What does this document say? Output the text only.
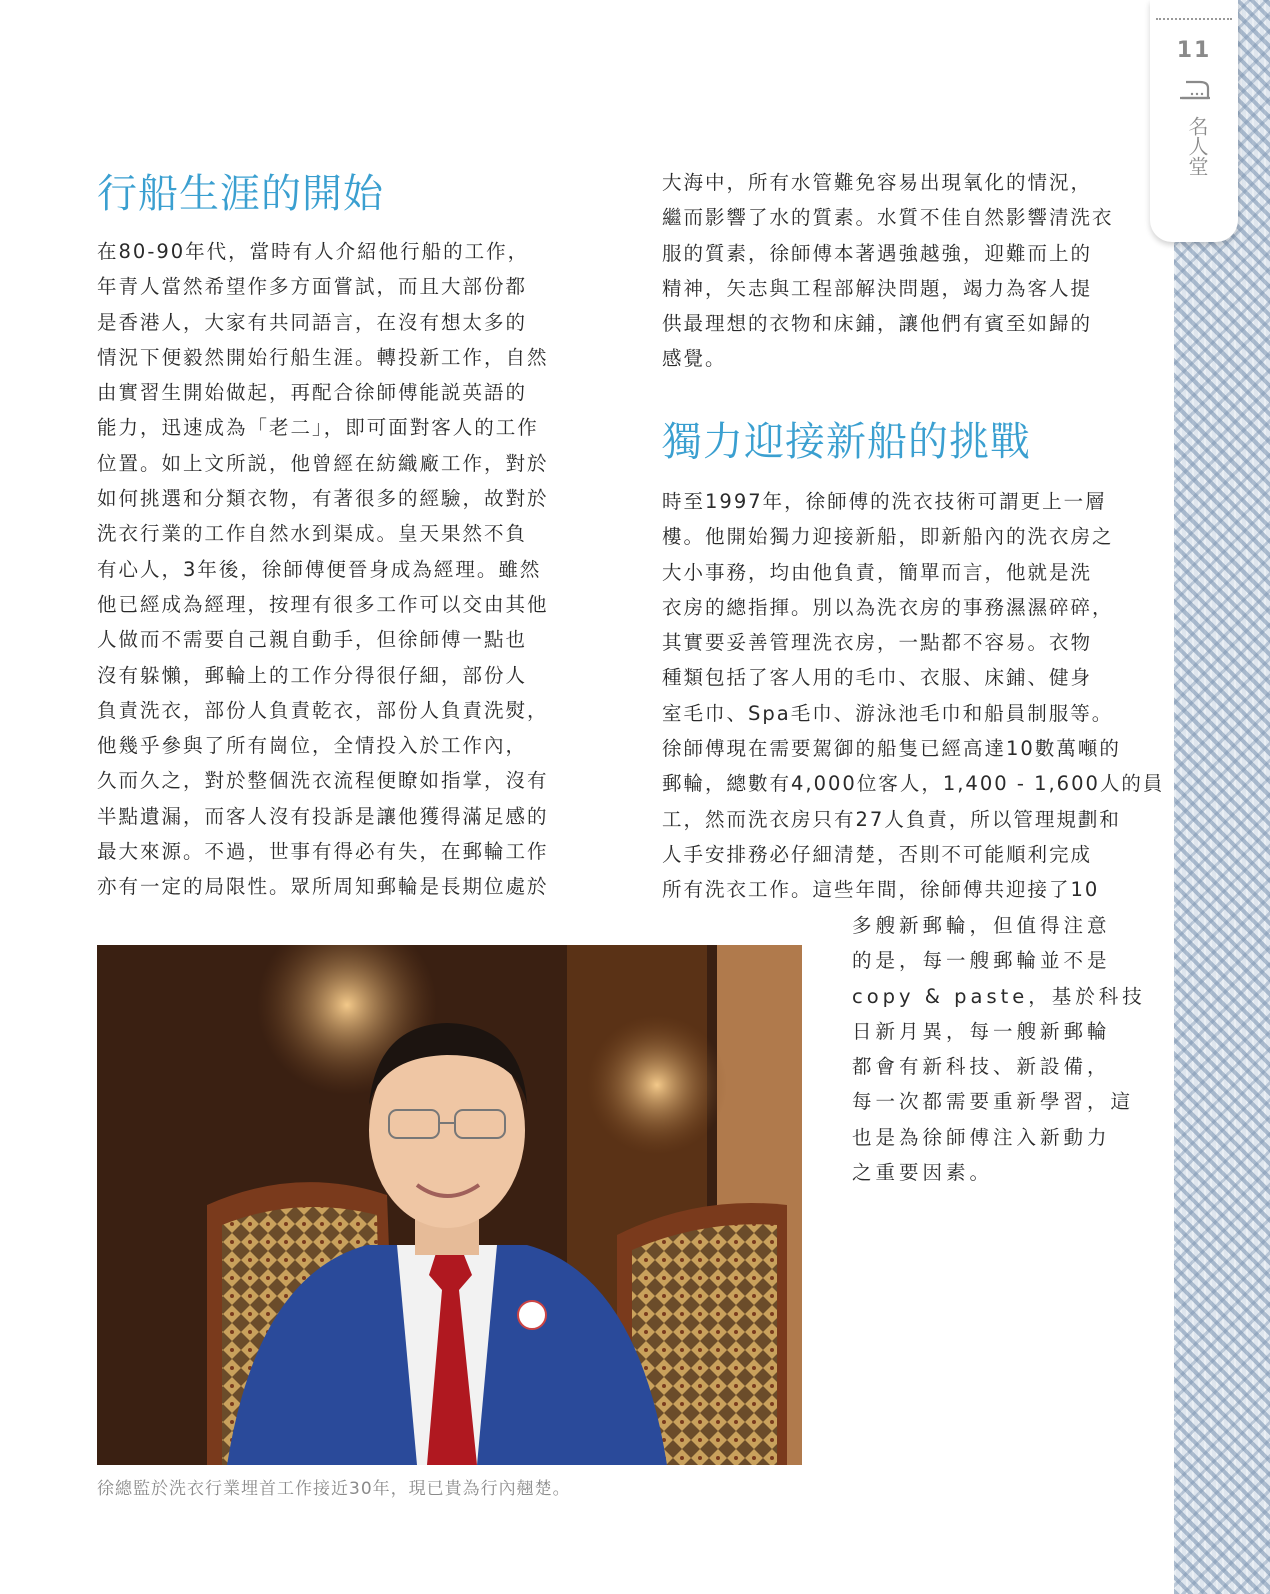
11
名人堂
行船生涯的開始
在80-90年代，當時有人介紹他行船的工作，
年青人當然希望作多方面嘗試，而且大部份都
是香港人，大家有共同語言，在沒有想太多的
情況下便毅然開始行船生涯。轉投新工作，自然
由實習生開始做起，再配合徐師傅能説英語的
能力，迅速成為「老二」，即可面對客人的工作
位置。如上文所説，他曾經在紡織廠工作，對於
如何挑選和分類衣物，有著很多的經驗，故對於
洗衣行業的工作自然水到渠成。皇天果然不負
有心人，3年後，徐師傅便晉身成為經理。雖然
他已經成為經理，按理有很多工作可以交由其他
人做而不需要自己親自動手，但徐師傅一點也
沒有躲懶，郵輪上的工作分得很仔細，部份人
負責洗衣，部份人負責乾衣，部份人負責洗熨，
他幾乎參與了所有崗位，全情投入於工作內，
久而久之，對於整個洗衣流程便瞭如指掌，沒有
半點遺漏，而客人沒有投訴是讓他獲得滿足感的
最大來源。不過，世事有得必有失，在郵輪工作
亦有一定的局限性。眾所周知郵輪是長期位處於
大海中，所有水管難免容易出現氧化的情況，
繼而影響了水的質素。水質不佳自然影響清洗衣
服的質素，徐師傅本著遇強越強，迎難而上的
精神，矢志與工程部解決問題，竭力為客人提
供最理想的衣物和床鋪，讓他們有賓至如歸的
感覺。
獨力迎接新船的挑戰
時至1997年，徐師傅的洗衣技術可謂更上一層
樓。他開始獨力迎接新船，即新船內的洗衣房之
大小事務，均由他負責，簡單而言，他就是洗
衣房的總指揮。別以為洗衣房的事務濕濕碎碎，
其實要妥善管理洗衣房，一點都不容易。衣物
種類包括了客人用的毛巾、衣服、床鋪、健身
室毛巾、Spa毛巾、游泳池毛巾和船員制服等。
徐師傅現在需要駕御的船隻已經高達10數萬噸的
郵輪，總數有4,000位客人，1,400 - 1,600人的員
工，然而洗衣房只有27人負責，所以管理規劃和
人手安排務必仔細清楚，否則不可能順利完成
所有洗衣工作。這些年間，徐師傅共迎接了10
多艘新郵輪，但值得注意
的是，每一艘郵輪並不是
copy & paste，基於科技
日新月異，每一艘新郵輪
都會有新科技、新設備，
每一次都需要重新學習，這
也是為徐師傅注入新動力
之重要因素。

徐總監於洗衣行業埋首工作接近30年，現已貴為行內翹楚。
